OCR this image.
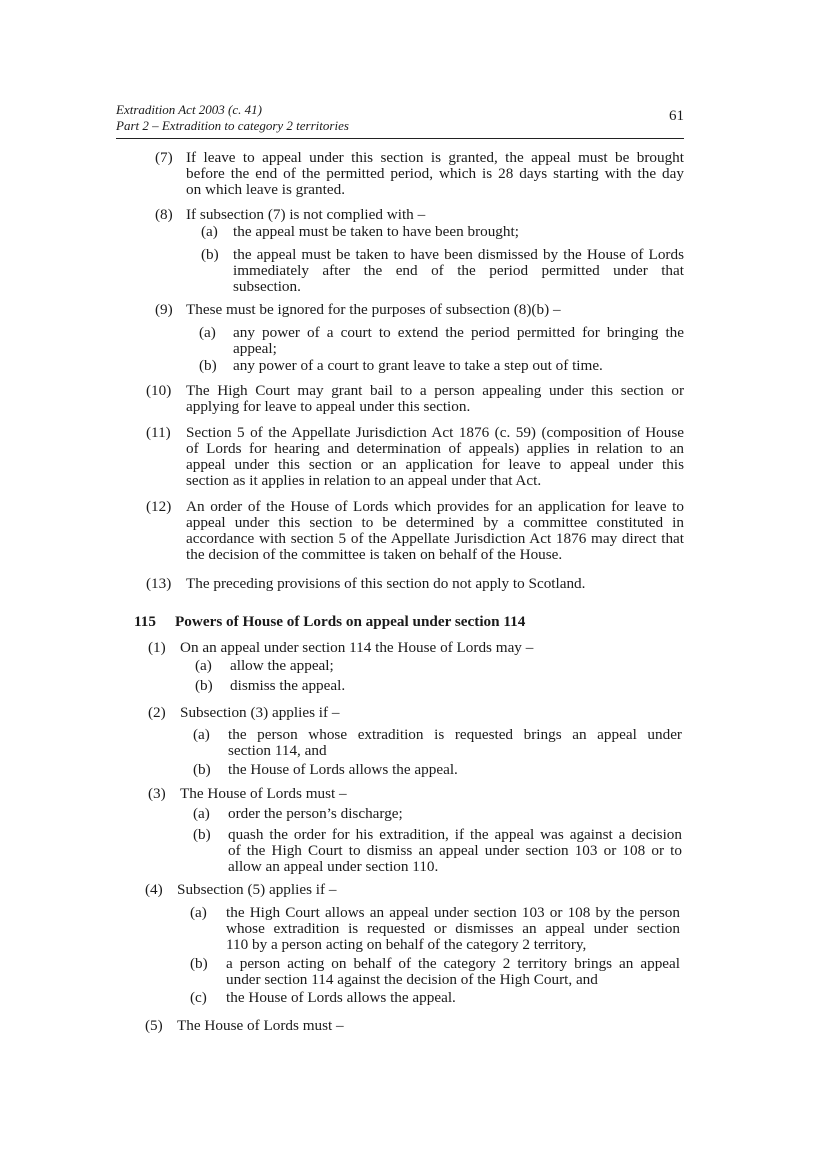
Extradition Act 2003 (c. 41)
Part 2 – Extradition to category 2 territories
61
(7) If leave to appeal under this section is granted, the appeal must be brought
before the end of the permitted period, which is 28 days starting with the day
on which leave is granted.
(8) If subsection (7) is not complied with –
(a) the appeal must be taken to have been brought;
(b) the appeal must be taken to have been dismissed by the House of Lords
immediately after the end of the period permitted under that
subsection.
(9) These must be ignored for the purposes of subsection (8)(b) –
(a) any power of a court to extend the period permitted for bringing the
appeal;
(b) any power of a court to grant leave to take a step out of time.
(10) The High Court may grant bail to a person appealing under this section or
applying for leave to appeal under this section.
(11) Section 5 of the Appellate Jurisdiction Act 1876 (c. 59) (composition of House
of Lords for hearing and determination of appeals) applies in relation to an
appeal under this section or an application for leave to appeal under this
section as it applies in relation to an appeal under that Act.
(12) An order of the House of Lords which provides for an application for leave to
appeal under this section to be determined by a committee constituted in
accordance with section 5 of the Appellate Jurisdiction Act 1876 may direct that
the decision of the committee is taken on behalf of the House.
(13) The preceding provisions of this section do not apply to Scotland.
115 Powers of House of Lords on appeal under section 114
(1) On an appeal under section 114 the House of Lords may –
(a) allow the appeal;
(b) dismiss the appeal.
(2) Subsection (3) applies if –
(a) the person whose extradition is requested brings an appeal under
section 114, and
(b) the House of Lords allows the appeal.
(3) The House of Lords must –
(a) order the person’s discharge;
(b) quash the order for his extradition, if the appeal was against a decision
of the High Court to dismiss an appeal under section 103 or 108 or to
allow an appeal under section 110.
(4) Subsection (5) applies if –
(a) the High Court allows an appeal under section 103 or 108 by the person
whose extradition is requested or dismisses an appeal under section
110 by a person acting on behalf of the category 2 territory,
(b) a person acting on behalf of the category 2 territory brings an appeal
under section 114 against the decision of the High Court, and
(c) the House of Lords allows the appeal.
(5) The House of Lords must –
